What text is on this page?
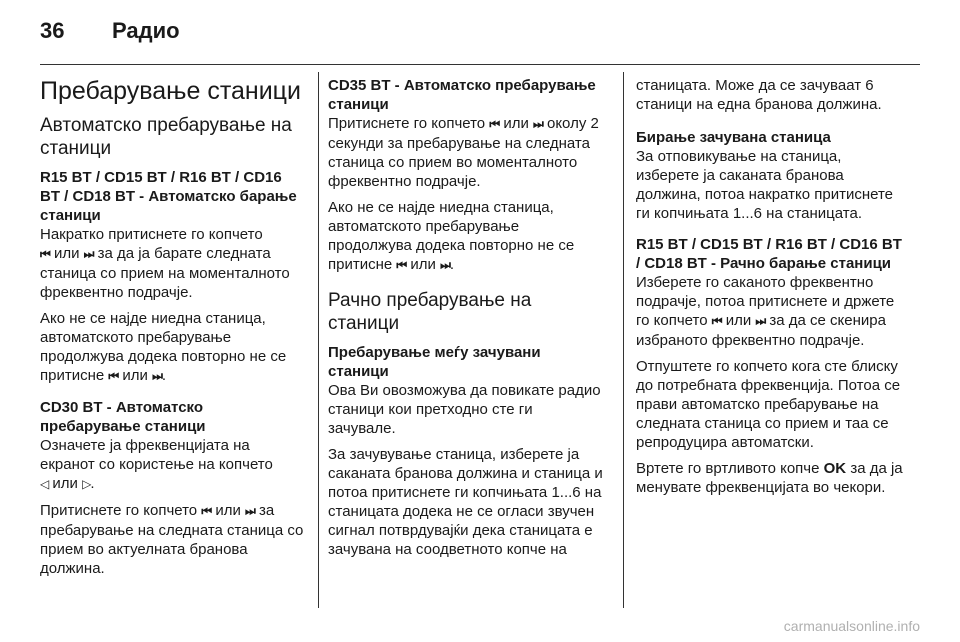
36	Радио
Пребарување станици
Автоматско пребарување на станици
R15 BT / CD15 BT / R16 BT / CD16 BT / CD18 BT - Автоматско барање станици

Накратко притиснете го копчето
⏮ или ⏭ за да ја барате следната станица со прием на моменталното фреквентно подрачје.

Ако не се најде ниедна станица, автоматското пребарување продолжува додека повторно не се притисне ⏮ или ⏭.

CD30 BT - Автоматско пребарување станици

Означете ја фреквенцијата на екранот со користење на копчето
◁ или ▷.

Притиснете го копчето ⏮ или ⏭ за пребарување на следната станица со прием во актуелната бранова должина.

CD35 BT - Автоматско пребарување станици

Притиснете го копчето ⏮ или ⏭ околу 2 секунди за пребарување на следната станица со прием во моменталното фреквентно подрачје.

Ако не се најде ниедна станица, автоматското пребарување продолжува додека повторно не се притисне ⏮ или ⏭.

Рачно пребарување на станици
Пребарување меѓу зачувани станици

Ова Ви овозможува да повикате радио станици кои претходно сте ги зачувале.

За зачувување станица, изберете ја саканата бранова должина и станица и потоа притиснете ги копчињата 1...6 на станицата додека не се огласи звучен сигнал потврдувајќи дека станицата е зачувана на соодветното копче на

станицата. Може да се зачуваат 6 станици на една бранова должина.

Бирање зачувана станица

За отповикување на станица, изберете ја саканата бранова должина, потоа накратко притиснете ги копчињата 1...6 на станицата.

R15 BT / CD15 BT / R16 BT / CD16 BT / CD18 BT - Рачно барање станици

Изберете го саканото фреквентно подрачје, потоа притиснете и држете го копчето ⏮ или ⏭ за да се скенира избраното фреквентно подрачје.

Отпуштете го копчето кога сте блиску до потребната фреквенција. Потоа се прави автоматско пребарување на следната станица со прием и таа се репродуцира автоматски.

Вртете го вртливото копче OK за да ја менувате фреквенцијата во чекори.

carmanualsonline.info
